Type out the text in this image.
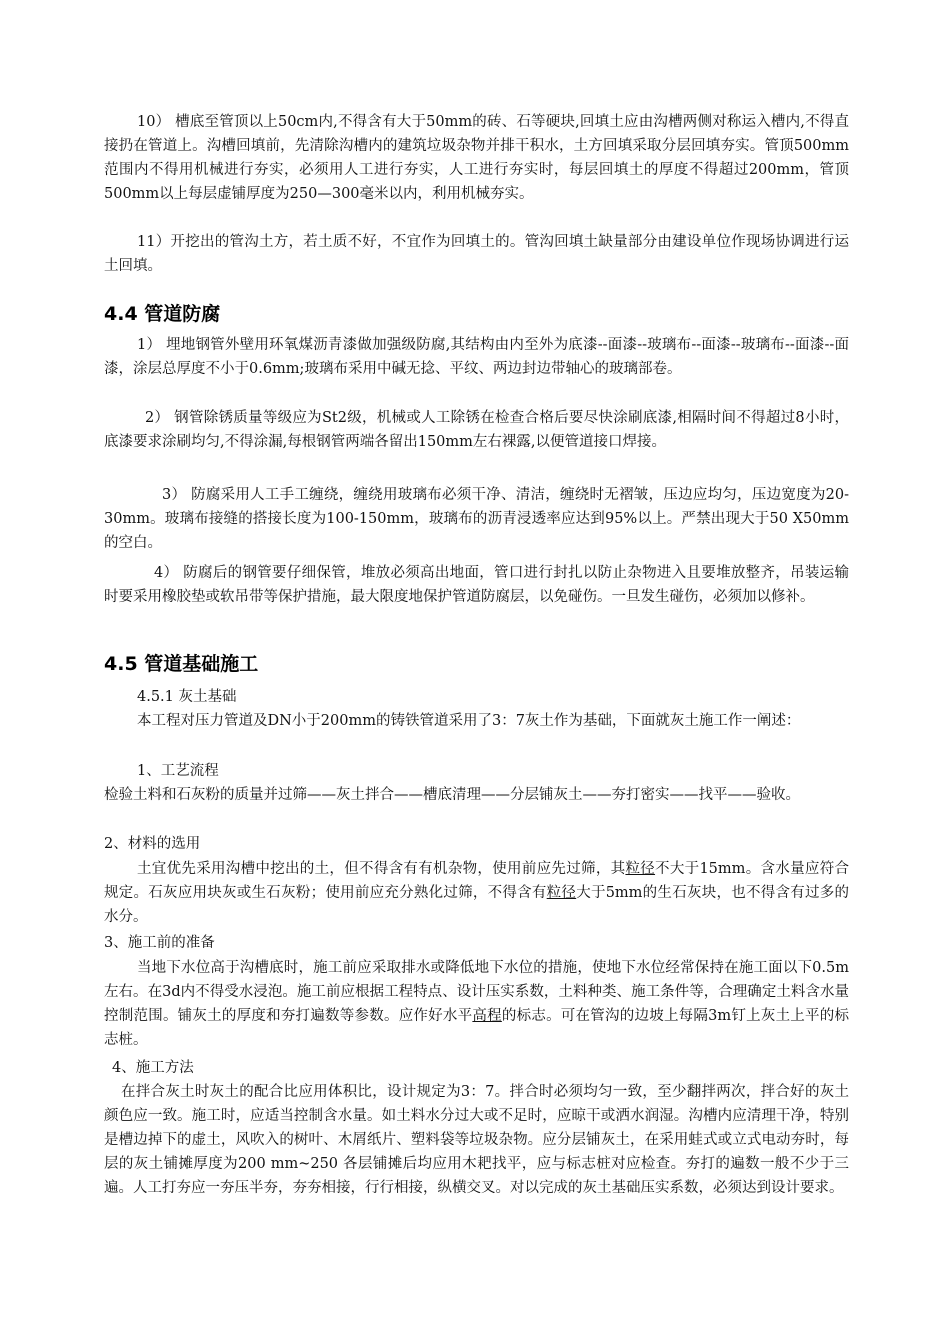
10） 槽底至管顶以上50cm内,不得含有大于50mm的砖、石等硬块,回填土应由沟槽两侧对称运入槽内,不得直接扔在管道上。沟槽回填前，先清除沟槽内的建筑垃圾杂物并排干积水，土方回填采取分层回填夯实。管顶500mm范围内不得用机械进行夯实，必须用人工进行夯实，人工进行夯实时，每层回填土的厚度不得超过200mm，管顶500mm以上每层虚铺厚度为250—300毫米以内，利用机械夯实。

11）开挖出的管沟土方，若土质不好，不宜作为回填土的。管沟回填土缺量部分由建设单位作现场协调进行运土回填。

4.4 管道防腐

1） 埋地钢管外壁用环氧煤沥青漆做加强级防腐,其结构由内至外为底漆--面漆--玻璃布--面漆--玻璃布--面漆--面漆，涂层总厚度不小于0.6mm;玻璃布采用中碱无捻、平纹、两边封边带轴心的玻璃部卷。

2） 钢管除锈质量等级应为St2级，机械或人工除锈在检查合格后要尽快涂刷底漆,相隔时间不得超过8小时，底漆要求涂刷均匀,不得涂漏,每根钢管两端各留出150mm左右裸露,以便管道接口焊接。

3） 防腐采用人工手工缠绕，缠绕用玻璃布必须干净、清洁，缠绕时无褶皱，压边应均匀，压边宽度为20-30mm。玻璃布接缝的搭接长度为100-150mm，玻璃布的沥青浸透率应达到95%以上。严禁出现大于50 X50mm的空白。

4） 防腐后的钢管要仔细保管，堆放必须高出地面，管口进行封扎以防止杂物进入且要堆放整齐，吊装运输时要采用橡胶垫或软吊带等保护措施，最大限度地保护管道防腐层，以免碰伤。一旦发生碰伤，必须加以修补。

4.5 管道基础施工

4.5.1 灰土基础

本工程对压力管道及DN小于200mm的铸铁管道采用了3：7灰土作为基础，下面就灰土施工作一阐述：

1、工艺流程

检验土料和石灰粉的质量并过筛——灰土拌合——槽底清理——分层铺灰土——夯打密实——找平——验收。

2、材料的选用

土宜优先采用沟槽中挖出的土，但不得含有有机杂物，使用前应先过筛，其粒径不大于15mm。含水量应符合规定。石灰应用块灰或生石灰粉；使用前应充分熟化过筛，不得含有粒径大于5mm的生石灰块，也不得含有过多的水分。

3、施工前的准备

当地下水位高于沟槽底时，施工前应采取排水或降低地下水位的措施，使地下水位经常保持在施工面以下0.5m左右。在3d内不得受水浸泡。施工前应根据工程特点、设计压实系数，土料种类、施工条件等，合理确定土料含水量控制范围。铺灰土的厚度和夯打遍数等参数。应作好水平高程的标志。可在管沟的边坡上每隔3m钉上灰土上平的标志桩。

4、施工方法

在拌合灰土时灰土的配合比应用体积比，设计规定为3：7。拌合时必须均匀一致，至少翻拌两次，拌合好的灰土颜色应一致。施工时，应适当控制含水量。如土料水分过大或不足时，应晾干或洒水润湿。沟槽内应清理干净，特别是槽边掉下的虚土，风吹入的树叶、木屑纸片、塑料袋等垃圾杂物。应分层铺灰土，在采用蛙式或立式电动夯时，每层的灰土铺摊厚度为200 mm~250 各层铺摊后均应用木耙找平，应与标志桩对应检查。夯打的遍数一般不少于三遍。人工打夯应一夯压半夯，夯夯相接，行行相接，纵横交叉。对以完成的灰土基础压实系数，必须达到设计要求。
